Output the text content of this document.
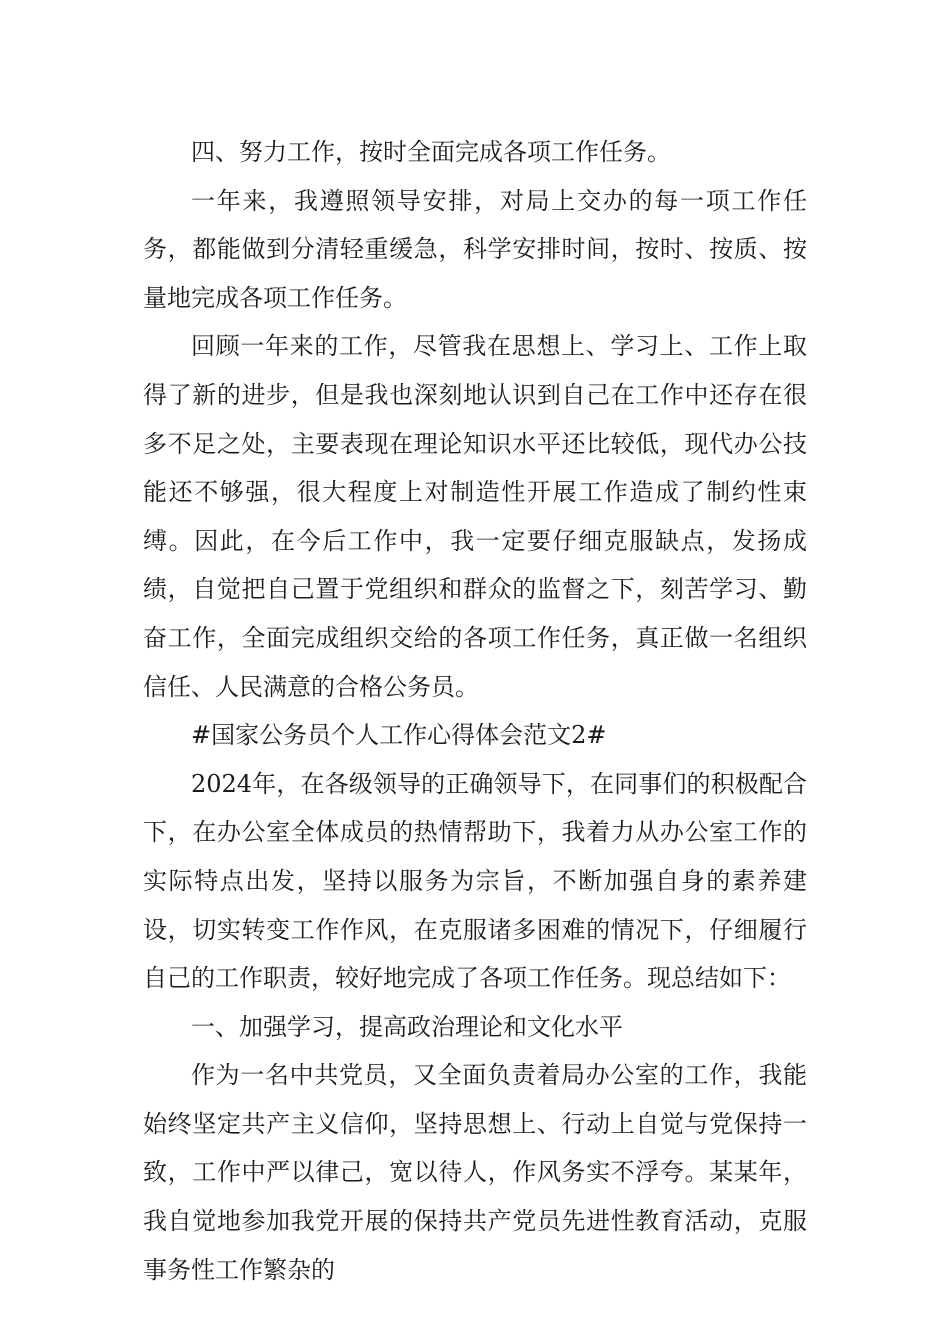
四、努力工作，按时全面完成各项工作任务。

一年来，我遵照领导安排，对局上交办的每一项工作任务，都能做到分清轻重缓急，科学安排时间，按时、按质、按量地完成各项工作任务。

回顾一年来的工作，尽管我在思想上、学习上、工作上取得了新的进步，但是我也深刻地认识到自己在工作中还存在很多不足之处，主要表现在理论知识水平还比较低，现代办公技能还不够强，很大程度上对制造性开展工作造成了制约性束缚。因此，在今后工作中，我一定要仔细克服缺点，发扬成绩，自觉把自己置于党组织和群众的监督之下，刻苦学习、勤奋工作，全面完成组织交给的各项工作任务，真正做一名组织信任、人民满意的合格公务员。

#国家公务员个人工作心得体会范文2#

2024年，在各级领导的正确领导下，在同事们的积极配合下，在办公室全体成员的热情帮助下，我着力从办公室工作的实际特点出发，坚持以服务为宗旨，不断加强自身的素养建设，切实转变工作作风，在克服诸多困难的情况下，仔细履行自己的工作职责，较好地完成了各项工作任务。现总结如下：

一、加强学习，提高政治理论和文化水平

作为一名中共党员，又全面负责着局办公室的工作，我能始终坚定共产主义信仰，坚持思想上、行动上自觉与党保持一致，工作中严以律己，宽以待人，作风务实不浮夸。某某年，我自觉地参加我党开展的保持共产党员先进性教育活动，克服事务性工作繁杂的
